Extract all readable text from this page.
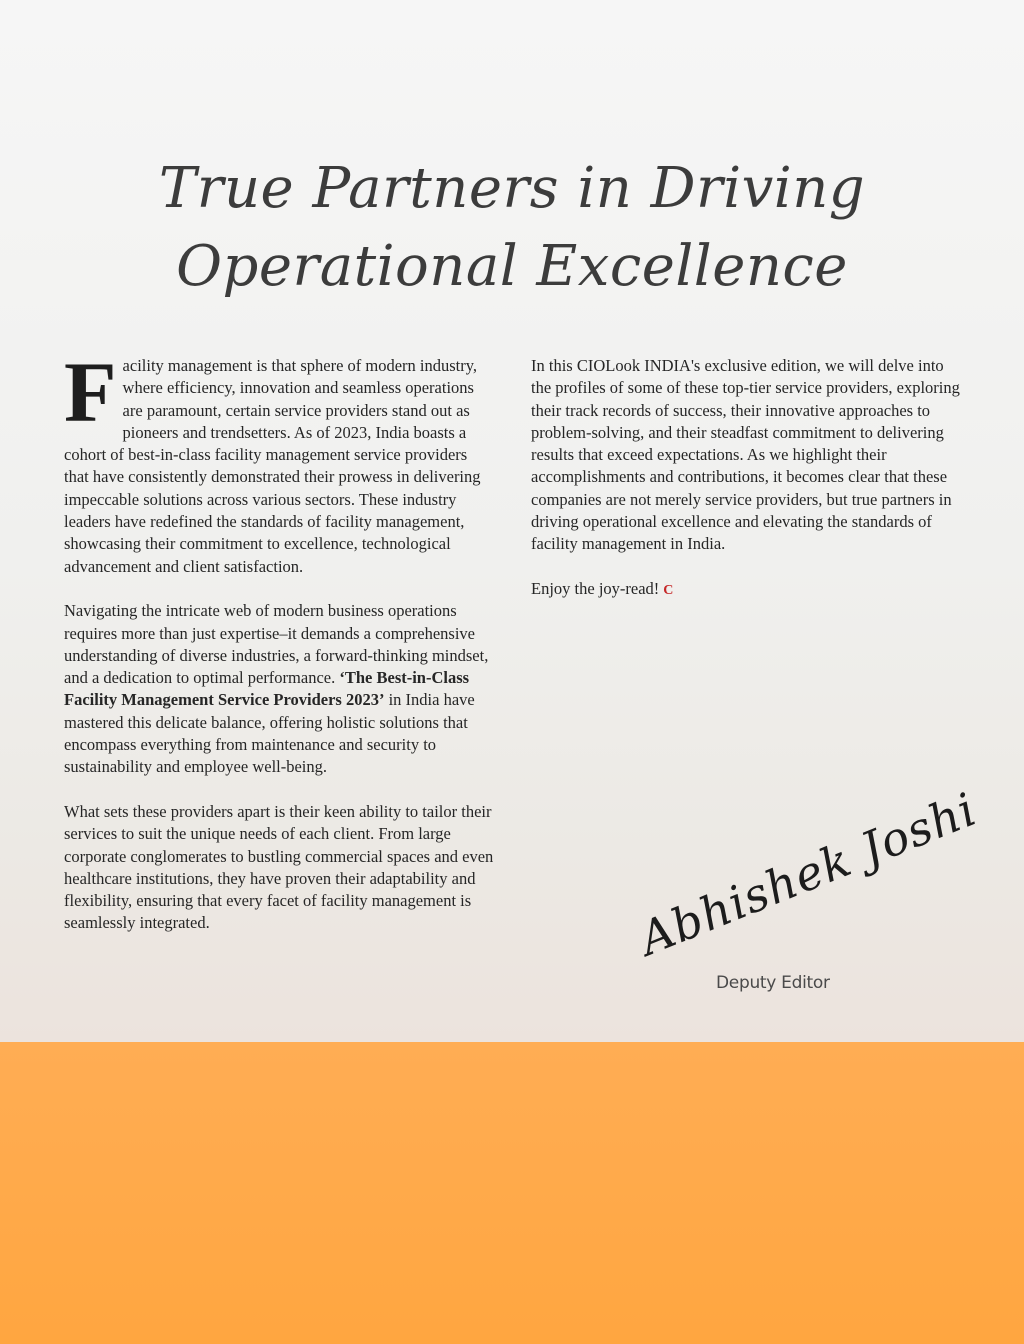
True Partners in Driving
Operational Excellence

Facility management is that sphere of modern industry, where efficiency, innovation and seamless operations are paramount, certain service providers stand out as pioneers and trendsetters. As of 2023, India boasts a cohort of best-in-class facility management service providers that have consistently demonstrated their prowess in delivering impeccable solutions across various sectors. These industry leaders have redefined the standards of facility management, showcasing their commitment to excellence, technological advancement and client satisfaction.

Navigating the intricate web of modern business operations requires more than just expertise–it demands a comprehensive understanding of diverse industries, a forward-thinking mindset, and a dedication to optimal performance. ‘The Best-in-Class Facility Management Service Providers 2023’ in India have mastered this delicate balance, offering holistic solutions that encompass everything from maintenance and security to sustainability and employee well-being.

What sets these providers apart is their keen ability to tailor their services to suit the unique needs of each client. From large corporate conglomerates to bustling commercial spaces and even healthcare institutions, they have proven their adaptability and flexibility, ensuring that every facet of facility management is seamlessly integrated.

In this CIOLook INDIA's exclusive edition, we will delve into the profiles of some of these top-tier service providers, exploring their track records of success, their innovative approaches to problem-solving, and their steadfast commitment to delivering results that exceed expectations. As we highlight their accomplishments and contributions, it becomes clear that these companies are not merely service providers, but true partners in driving operational excellence and elevating the standards of facility management in India.

Enjoy the joy-read! C

Abhishek Joshi
Deputy Editor
